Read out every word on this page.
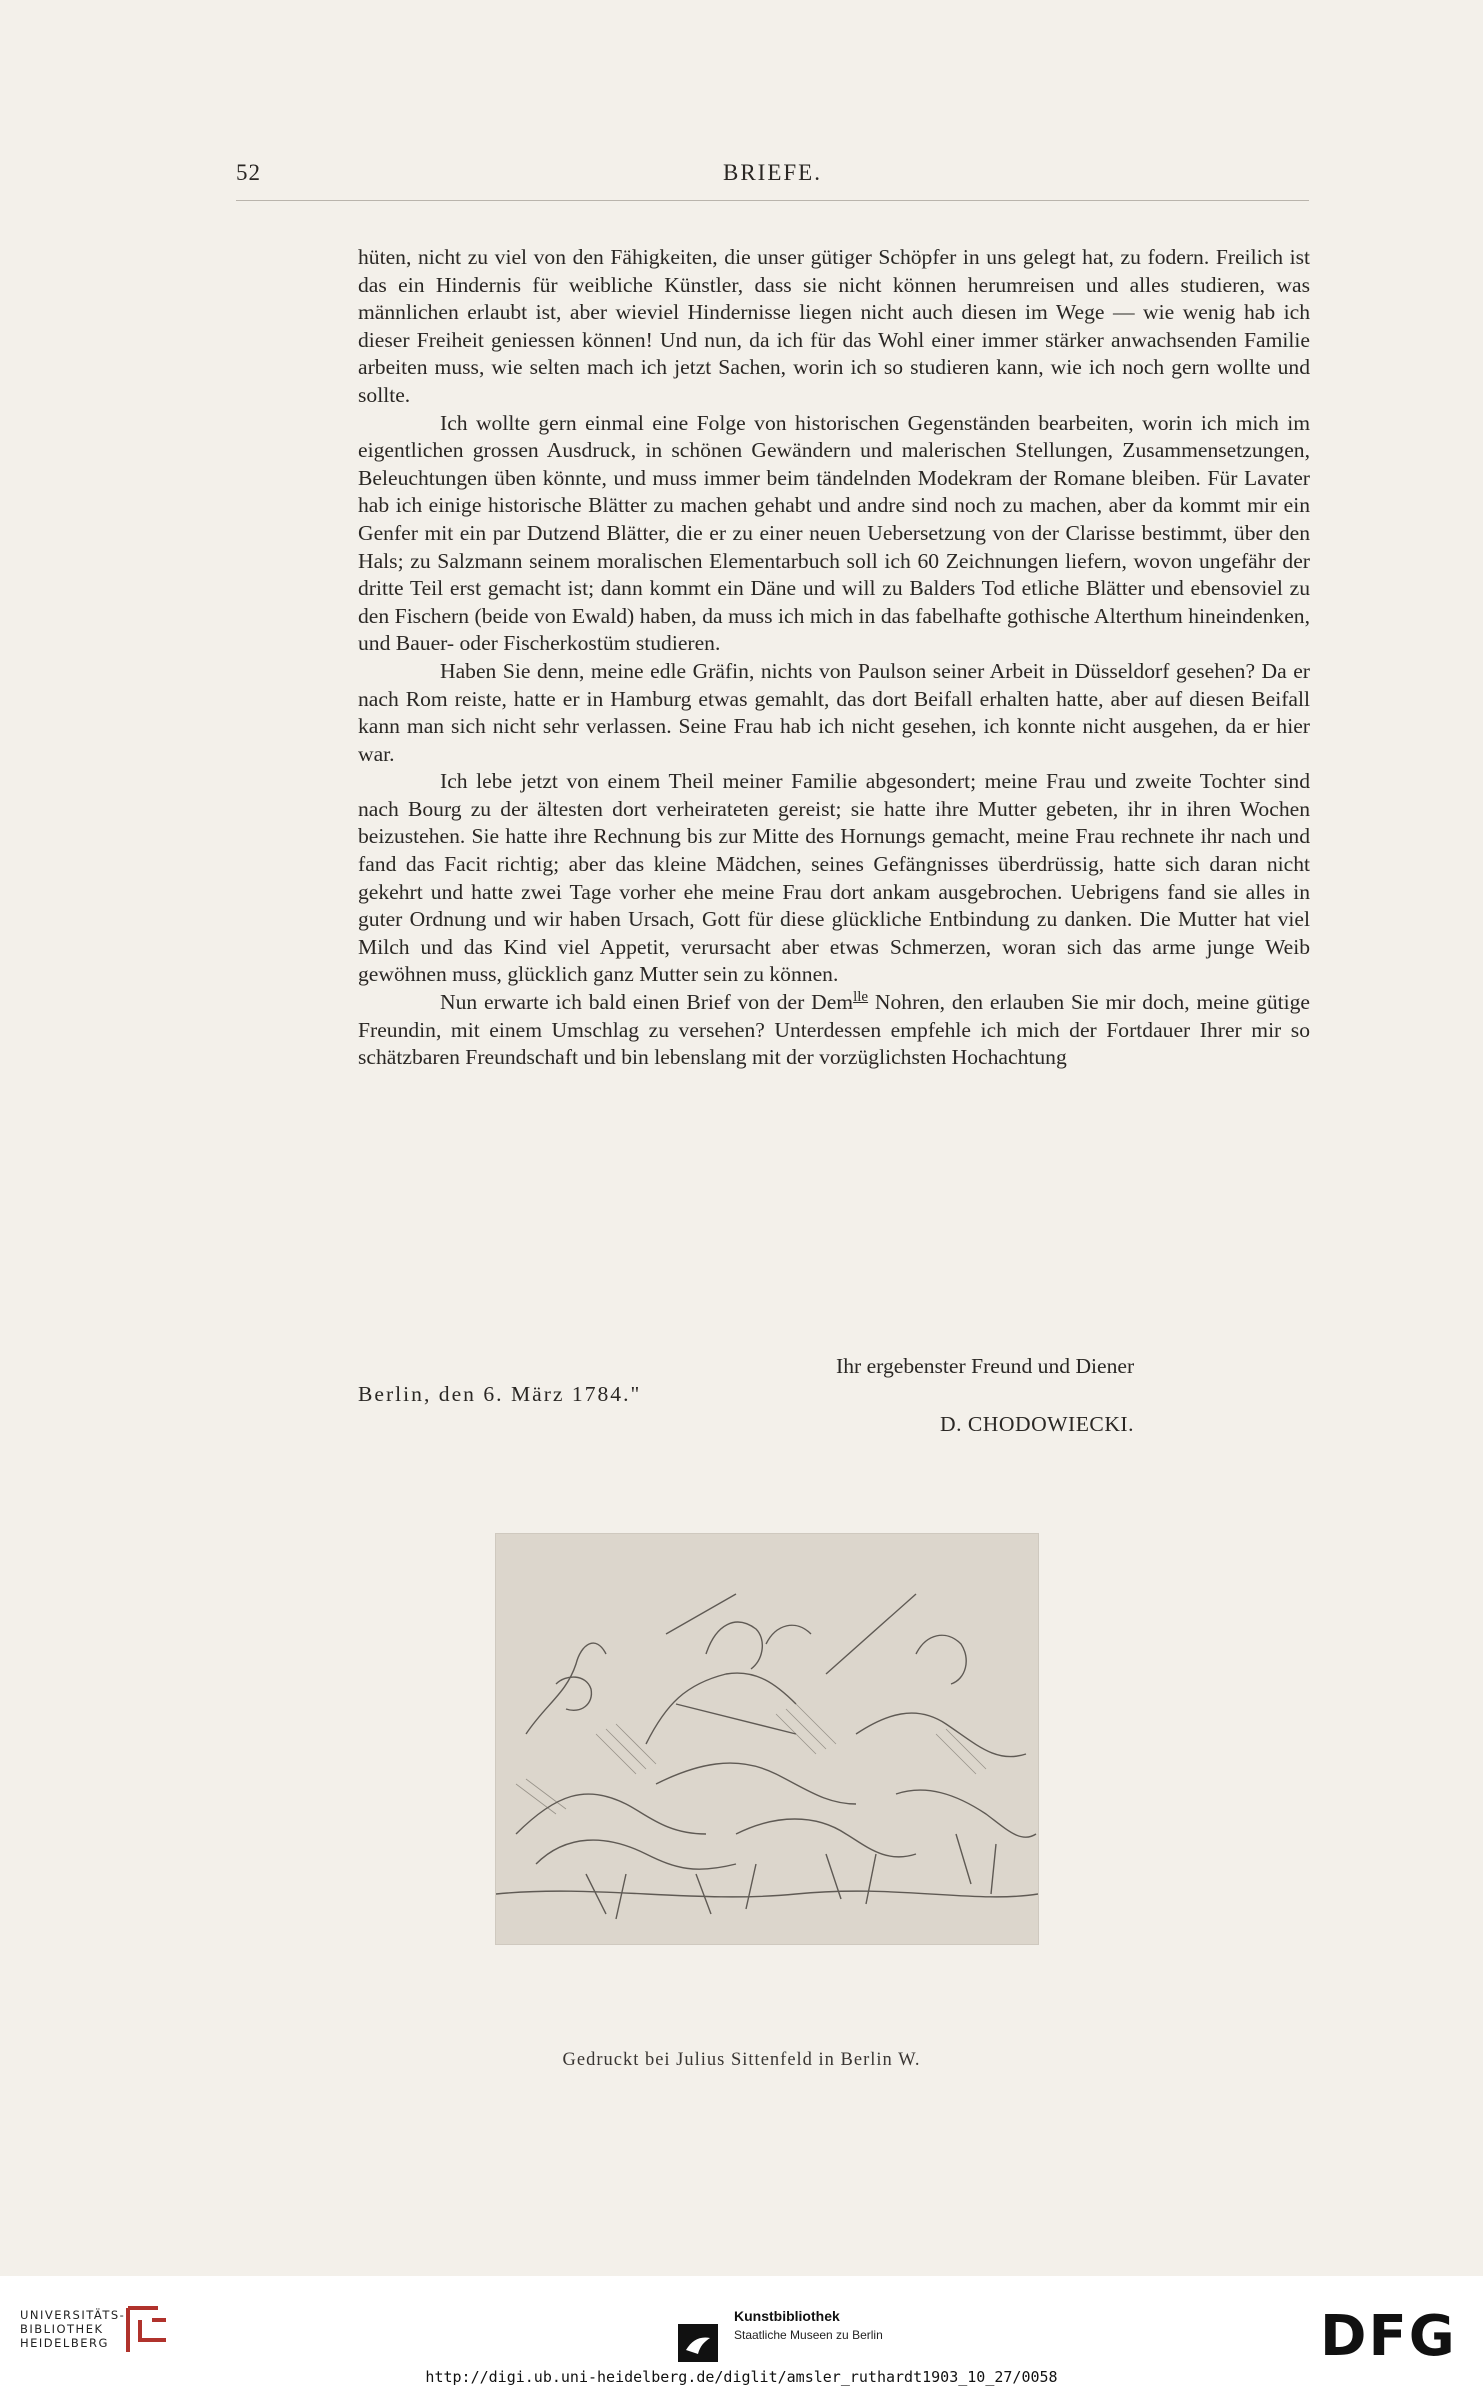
52	BRIEFE.

hüten, nicht zu viel von den Fähigkeiten, die unser gütiger Schöpfer in uns gelegt hat, zu fodern. Freilich ist das ein Hindernis für weibliche Künstler, dass sie nicht können herumreisen und alles studieren, was männlichen erlaubt ist, aber wieviel Hindernisse liegen nicht auch diesen im Wege — wie wenig hab ich dieser Freiheit geniessen können! Und nun, da ich für das Wohl einer immer stärker anwachsenden Familie arbeiten muss, wie selten mach ich jetzt Sachen, worin ich so studieren kann, wie ich noch gern wollte und sollte.

Ich wollte gern einmal eine Folge von historischen Gegenständen bearbeiten, worin ich mich im eigentlichen grossen Ausdruck, in schönen Gewändern und malerischen Stellungen, Zusammensetzungen, Beleuchtungen üben könnte, und muss immer beim tändelnden Modekram der Romane bleiben. Für Lavater hab ich einige historische Blätter zu machen gehabt und andre sind noch zu machen, aber da kommt mir ein Genfer mit ein par Dutzend Blätter, die er zu einer neuen Uebersetzung von der Clarisse bestimmt, über den Hals; zu Salzmann seinem moralischen Elementarbuch soll ich 60 Zeichnungen liefern, wovon ungefähr der dritte Teil erst gemacht ist; dann kommt ein Däne und will zu Balders Tod etliche Blätter und ebensoviel zu den Fischern (beide von Ewald) haben, da muss ich mich in das fabelhafte gothische Alterthum hineindenken, und Bauer- oder Fischerkostüm studieren.

Haben Sie denn, meine edle Gräfin, nichts von Paulson seiner Arbeit in Düsseldorf gesehen? Da er nach Rom reiste, hatte er in Hamburg etwas gemahlt, das dort Beifall erhalten hatte, aber auf diesen Beifall kann man sich nicht sehr verlassen. Seine Frau hab ich nicht gesehen, ich konnte nicht ausgehen, da er hier war.

Ich lebe jetzt von einem Theil meiner Familie abgesondert; meine Frau und zweite Tochter sind nach Bourg zu der ältesten dort verheirateten gereist; sie hatte ihre Mutter gebeten, ihr in ihren Wochen beizustehen. Sie hatte ihre Rechnung bis zur Mitte des Hornungs gemacht, meine Frau rechnete ihr nach und fand das Facit richtig; aber das kleine Mädchen, seines Gefängnisses überdrüssig, hatte sich daran nicht gekehrt und hatte zwei Tage vorher ehe meine Frau dort ankam ausgebrochen. Uebrigens fand sie alles in guter Ordnung und wir haben Ursach, Gott für diese glückliche Entbindung zu danken. Die Mutter hat viel Milch und das Kind viel Appetit, verursacht aber etwas Schmerzen, woran sich das arme junge Weib gewöhnen muss, glücklich ganz Mutter sein zu können.

Nun erwarte ich bald einen Brief von der Dem$^{lle}$ Nohren, den erlauben Sie mir doch, meine gütige Freundin, mit einem Umschlag zu versehen? Unterdessen empfehle ich mich der Fortdauer Ihrer mir so schätzbaren Freundschaft und bin lebenslang mit der vorzüglichsten Hochachtung

Ihr ergebenster Freund und Diener
Berlin, den 6. März 1784."
D. CHODOWIECKI.
Gedruckt bei Julius Sittenfeld in Berlin W.
UNIVERSITÄTS-
BIBLIOTHEK
HEIDELBERG
Kunstbibliothek
Staatliche Museen zu Berlin	DFG
http://digi.ub.uni-heidelberg.de/diglit/amsler_ruthardt1903_10_27/0058
